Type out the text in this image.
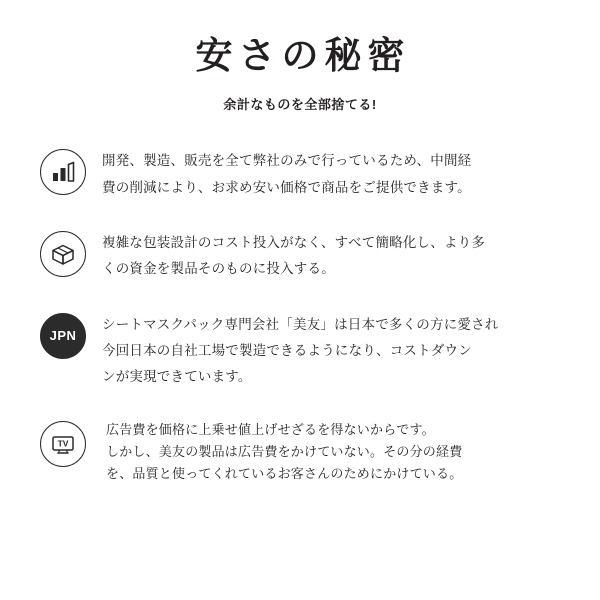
安さの秘密

余計なものを全部捨てる!

開発、製造、販売を全て弊社のみで行っているため、中間経
費の削減により、お求め安い価格で商品をご提供できます。
複雑な包装設計のコスト投入がなく、すべて簡略化し、より多
くの資金を製品そのものに投入する。
JPN
シートマスクパック専門会社「美友」は日本で多くの方に愛され
今回日本の自社工場で製造できるようになり、コストダウン
ンが実現できています。
TV
広告費を価格に上乗せ値上げせざるを得ないからです。
しかし、美友の製品は広告費をかけていない。その分の経費
を、品質と使ってくれているお客さんのためにかけている。
